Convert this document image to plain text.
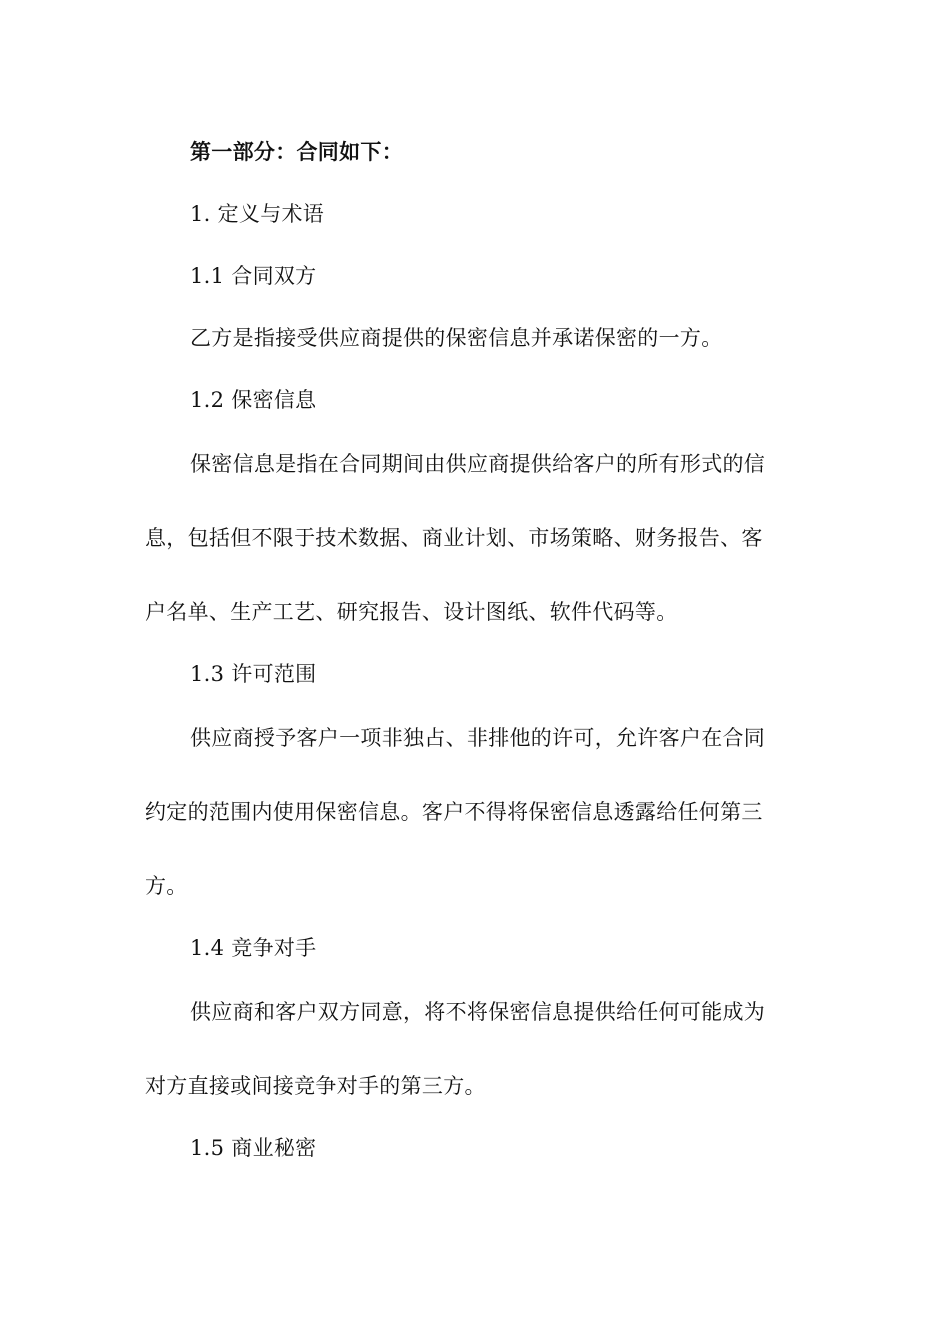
第一部分：合同如下：
1. 定义与术语
1.1 合同双方
乙方是指接受供应商提供的保密信息并承诺保密的一方。
1.2 保密信息
保密信息是指在合同期间由供应商提供给客户的所有形式的信
息，包括但不限于技术数据、商业计划、市场策略、财务报告、客
户名单、生产工艺、研究报告、设计图纸、软件代码等。
1.3 许可范围
供应商授予客户一项非独占、非排他的许可，允许客户在合同
约定的范围内使用保密信息。客户不得将保密信息透露给任何第三
方。
1.4 竞争对手
供应商和客户双方同意，将不将保密信息提供给任何可能成为
对方直接或间接竞争对手的第三方。
1.5 商业秘密
